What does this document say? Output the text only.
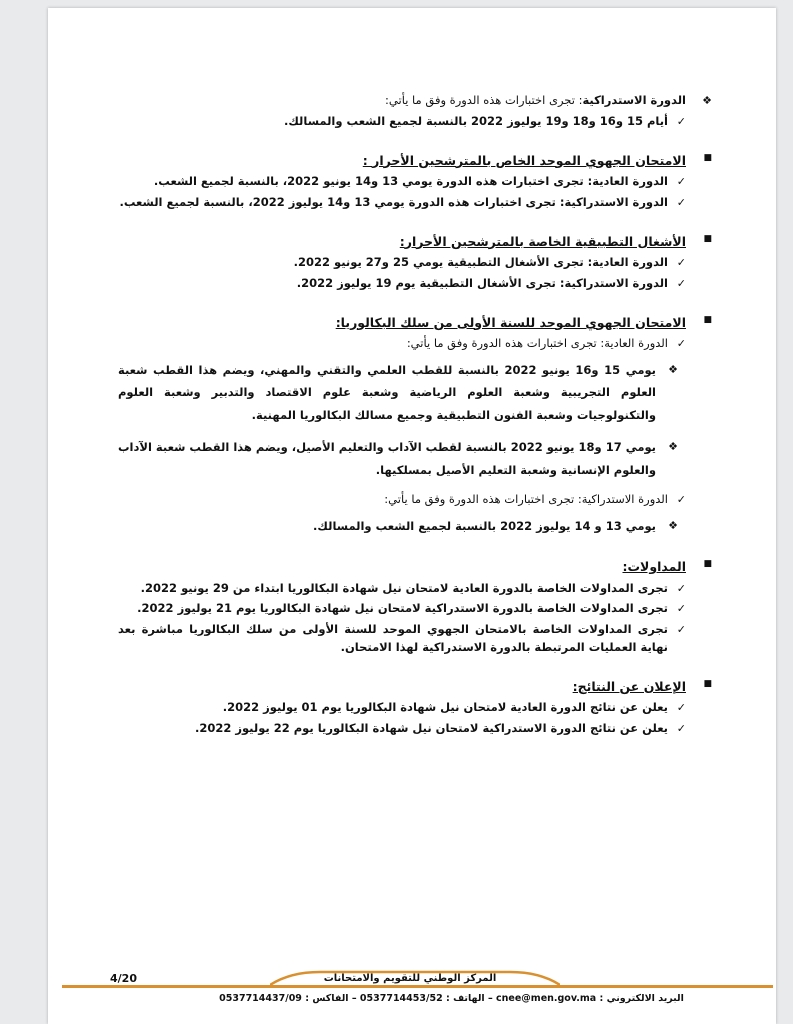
❖
الدورة الاستدراكية: تجرى اختبارات هذه الدورة وفق ما يأتي:
✓
أيام 15 و16 و18 و19 يوليوز 2022 بالنسبة لجميع الشعب والمسالك.
■
الامتحان الجهوي الموحد الخاص بالمترشحين الأحرار :
✓
الدورة العادية: تجرى اختبارات هذه الدورة يومي 13 و14 يونيو 2022، بالنسبة لجميع الشعب.
✓
الدورة الاستدراكية: تجرى اختبارات هذه الدورة يومي 13 و14 يوليوز 2022، بالنسبة لجميع الشعب.
■
الأشغال التطبيقية الخاصة بالمترشحين الأحرار:
✓
الدورة العادية: تجرى الأشغال التطبيقية يومي 25 و27 يونيو 2022.
✓
الدورة الاستدراكية: تجرى الأشغال التطبيقية يوم 19 يوليوز 2022.
■
الامتحان الجهوي الموحد للسنة الأولى من سلك البكالوريا:
✓
الدورة العادية: تجرى اختبارات هذه الدورة وفق ما يأتي:
❖
يومي 15 و16 يونيو 2022 بالنسبة للقطب العلمي والتقني والمهني، ويضم هذا القطب شعبة العلوم التجريبية وشعبة العلوم الرياضية وشعبة علوم الاقتصاد والتدبير وشعبة العلوم والتكنولوجيات وشعبة الفنون التطبيقية وجميع مسالك البكالوريا المهنية.
❖
يومي 17 و18 يونيو 2022 بالنسبة لقطب الآداب والتعليم الأصيل، ويضم هذا القطب شعبة الآداب والعلوم الإنسانية وشعبة التعليم الأصيل بمسلكيها.
✓
الدورة الاستدراكية: تجرى اختبارات هذه الدورة وفق ما يأتي:
❖
يومي 13 و 14 يوليوز 2022 بالنسبة لجميع الشعب والمسالك.
■
المداولات:
✓
تجرى المداولات الخاصة بالدورة العادية لامتحان نيل شهادة البكالوريا ابتداء من 29 يونيو 2022.
✓
تجرى المداولات الخاصة بالدورة الاستدراكية لامتحان نيل شهادة البكالوريا يوم 21 يوليوز 2022.
✓
تجرى المداولات الخاصة بالامتحان الجهوي الموحد للسنة الأولى من سلك البكالوريا مباشرة بعد نهاية العمليات المرتبطة بالدورة الاستدراكية لهذا الامتحان.
■
الإعلان عن النتائج:
✓
يعلن عن نتائج الدورة العادية لامتحان نيل شهادة البكالوريا يوم 01 يوليوز 2022.
✓
يعلن عن نتائج الدورة الاستدراكية لامتحان نيل شهادة البكالوريا يوم 22 يوليوز 2022.
المركز الوطني للتقويم والامتحانات
4/20
البريد الالكتروني : cnee@men.gov.ma – الهاتف : 0537714453/52 – الفاكس : 0537714437/09
